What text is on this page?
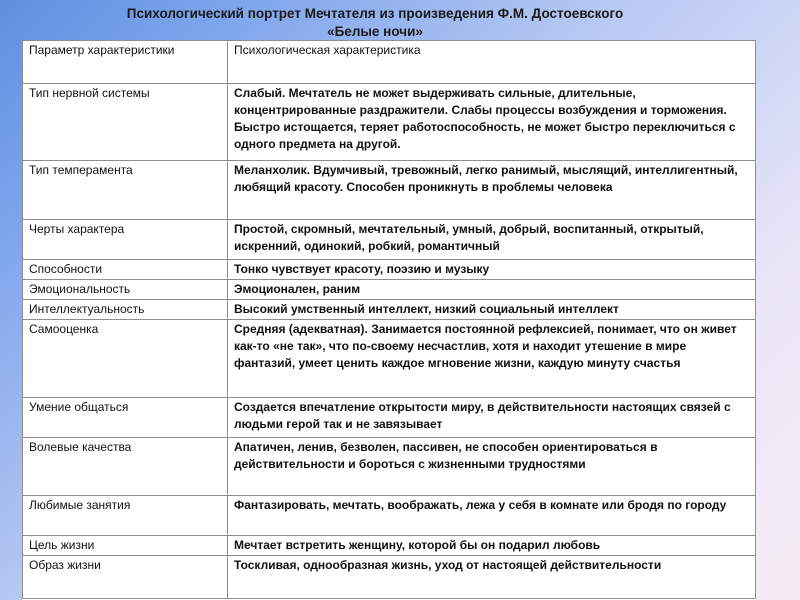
Психологический портрет Мечтателя из произведения Ф.М. Достоевского
«Белые ночи»
Параметр характеристики	Психологическая характеристика
Тип нервной системы	Слабый. Мечтатель не может выдерживать сильные, длительные, концентрированные раздражители. Слабы процессы возбуждения и торможения. Быстро истощается, теряет работоспособность, не может быстро переключиться с одного предмета на другой.
Тип темперамента	Меланхолик. Вдумчивый, тревожный, легко ранимый, мыслящий, интеллигентный, любящий красоту. Способен проникнуть в проблемы человека
Черты характера	Простой, скромный, мечтательный, умный, добрый, воспитанный, открытый, искренний, одинокий, робкий, романтичный
Способности	Тонко чувствует красоту, поэзию и музыку
Эмоциональность	Эмоционален, раним
Интеллектуальность	Высокий умственный интеллект, низкий социальный интеллект
Самооценка	Средняя (адекватная). Занимается постоянной рефлексией, понимает, что он живет как-то «не так», что по-своему несчастлив, хотя и находит утешение в мире фантазий, умеет ценить каждое мгновение жизни, каждую минуту счастья
Умение общаться	Создается впечатление открытости миру, в действительности настоящих связей с людьми герой так и не завязывает
Волевые качества	Апатичен, ленив, безволен, пассивен, не способен ориентироваться в действительности и бороться с жизненными трудностями
Любимые занятия	Фантазировать, мечтать, воображать, лежа у себя в комнате или бродя по городу
Цель жизни	Мечтает встретить женщину, которой бы он подарил любовь
Образ жизни	Тоскливая, однообразная жизнь, уход от настоящей действительности
